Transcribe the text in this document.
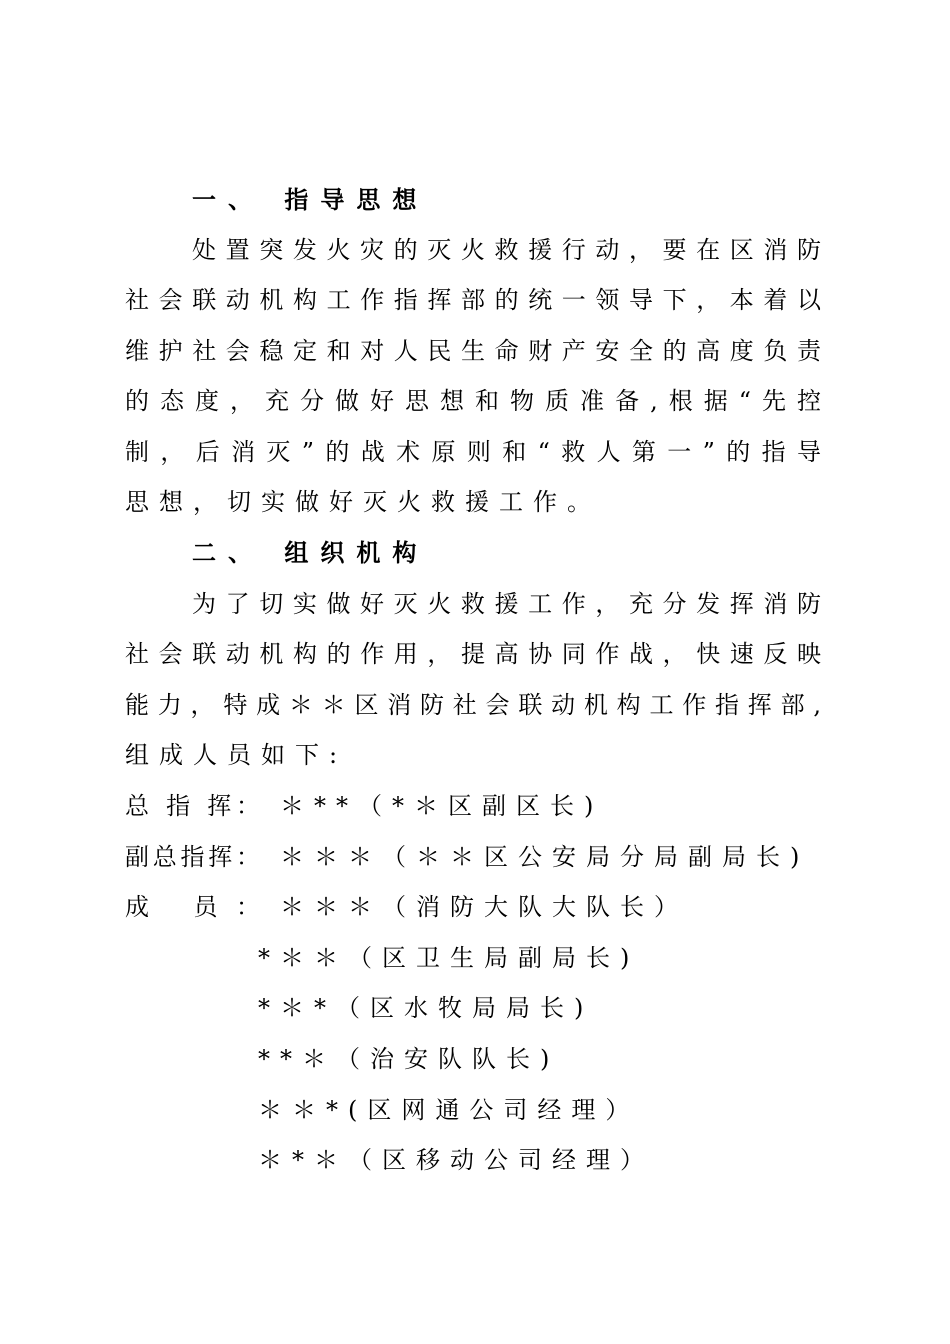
一、 指导思想
处置突发火灾的灭火救援行动，要在区消防
社会联动机构工作指挥部的统一领导下，本着以
维护社会稳定和对人民生命财产安全的高度负责
的态度，充分做好思想和物质准备,根据“先控
制，后消灭”的战术原则和“救人第一”的指导
思想，切实做好灭火救援工作。
二、 组织机构
为了切实做好灭火救援工作，充分发挥消防
社会联动机构的作用，提高协同作战，快速反映
能力，特成＊＊区消防社会联动机构工作指挥部,
组成人员如下:
总 指 挥： ＊**（*＊区副区长)
副总指挥： ＊＊＊（＊＊区公安局分局副局长)
成 员： ＊＊＊（消防大队大队长）
*＊＊（区卫生局副局长)
*＊*（区水牧局局长)
**＊（治安队队长)
＊＊*(区网通公司经理）
＊*＊（区移动公司经理）
